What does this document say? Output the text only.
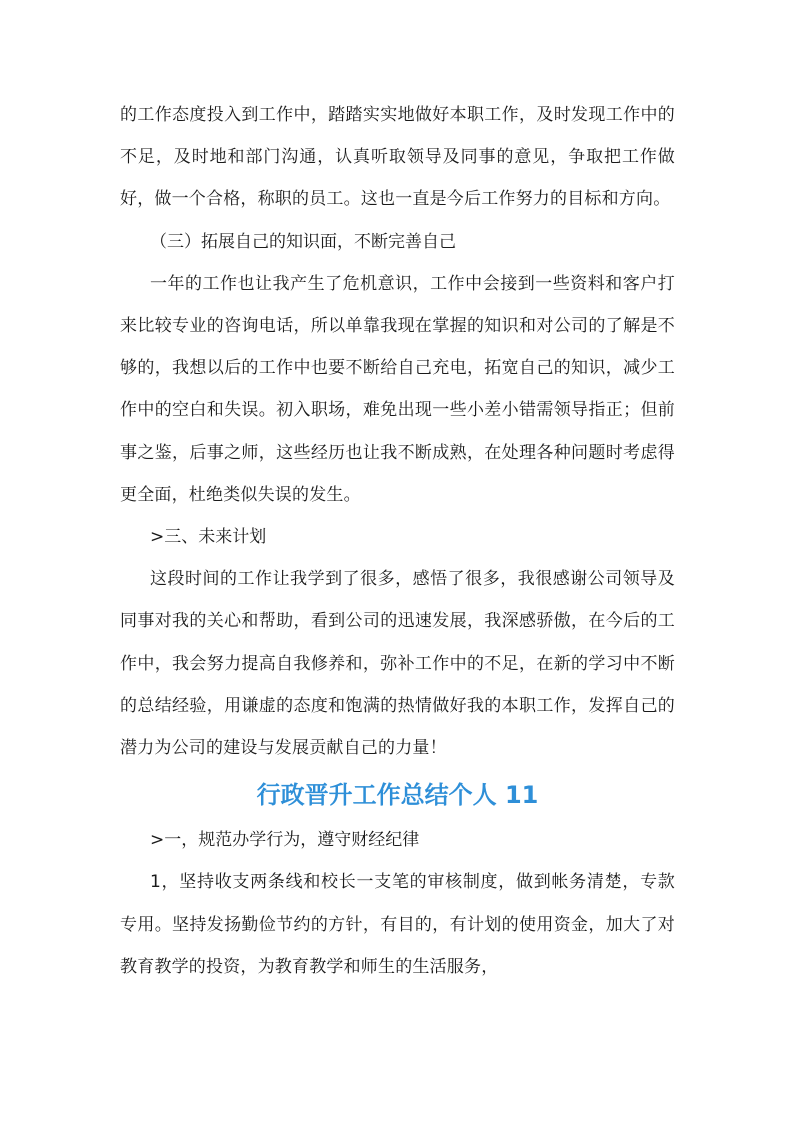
的工作态度投入到工作中，踏踏实实地做好本职工作，及时发现工作中的不足，及时地和部门沟通，认真听取领导及同事的意见，争取把工作做好，做一个合格，称职的员工。这也一直是今后工作努力的目标和方向。

（三）拓展自己的知识面，不断完善自己

一年的工作也让我产生了危机意识，工作中会接到一些资料和客户打来比较专业的咨询电话，所以单靠我现在掌握的知识和对公司的了解是不够的，我想以后的工作中也要不断给自己充电，拓宽自己的知识，减少工作中的空白和失误。初入职场，难免出现一些小差小错需领导指正；但前事之鉴，后事之师，这些经历也让我不断成熟，在处理各种问题时考虑得更全面，杜绝类似失误的发生。

>三、未来计划

这段时间的工作让我学到了很多，感悟了很多，我很感谢公司领导及同事对我的关心和帮助，看到公司的迅速发展，我深感骄傲，在今后的工作中，我会努力提高自我修养和，弥补工作中的不足，在新的学习中不断的总结经验，用谦虚的态度和饱满的热情做好我的本职工作，发挥自己的潜力为公司的建设与发展贡献自己的力量！

行政晋升工作总结个人 11

>一，规范办学行为，遵守财经纪律

1，坚持收支两条线和校长一支笔的审核制度，做到帐务清楚，专款专用。坚持发扬勤俭节约的方针，有目的，有计划的使用资金，加大了对教育教学的投资，为教育教学和师生的生活服务，
